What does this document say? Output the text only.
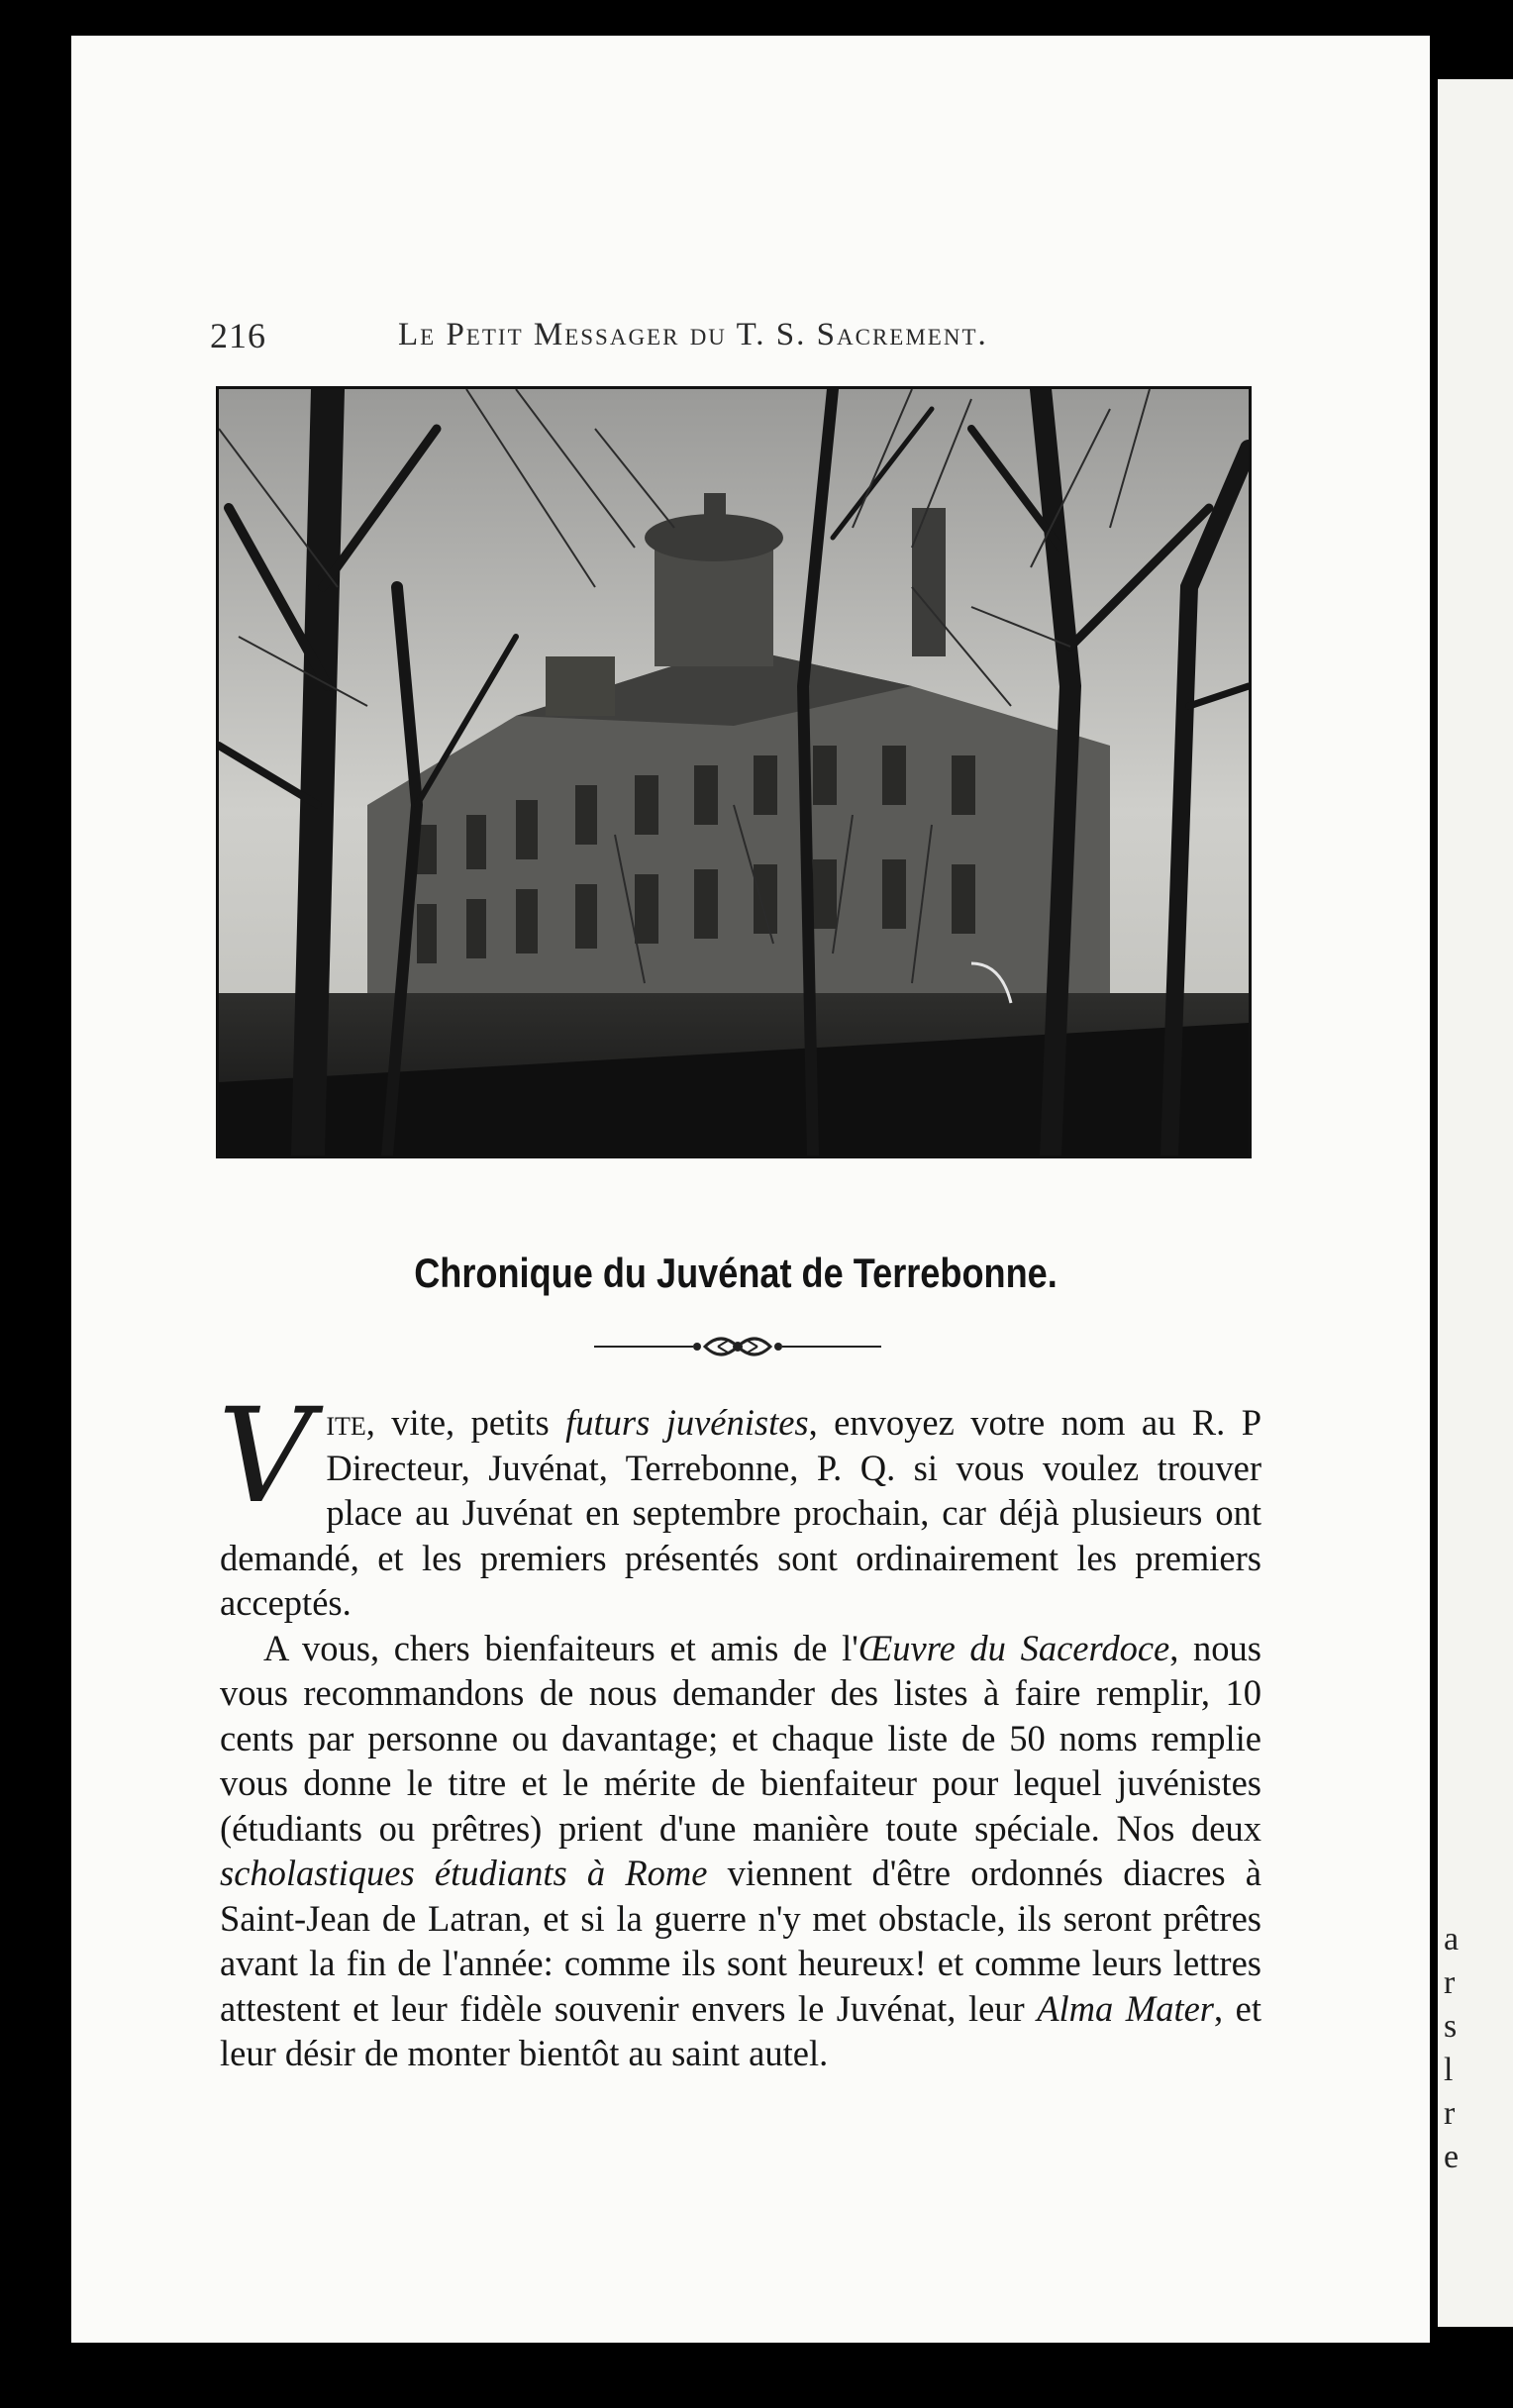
a
r
s
l
r
e
216	Le Petit Messager du T. S. Sacrement.
Chronique du Juvénat de Terrebonne.

Vite, vite, petits futurs juvénistes, envoyez votre nom au R. P Directeur, Juvénat, Terrebonne, P. Q. si vous voulez trouver place au Juvénat en septembre prochain, car déjà plusieurs ont demandé, et les premiers présentés sont ordinairement les premiers acceptés.

A vous, chers bienfaiteurs et amis de l'Œuvre du Sacerdoce, nous vous recommandons de nous demander des listes à faire remplir, 10 cents par personne ou davantage; et chaque liste de 50 noms remplie vous donne le titre et le mérite de bienfaiteur pour lequel juvénistes (étudiants ou prêtres) prient d'une manière toute spéciale. Nos deux scholastiques étudiants à Rome viennent d'être ordonnés diacres à Saint-Jean de Latran, et si la guerre n'y met obstacle, ils seront prêtres avant la fin de l'année: comme ils sont heureux! et comme leurs lettres attestent et leur fidèle souvenir envers le Juvénat, leur Alma Mater, et leur désir de monter bientôt au saint autel.
